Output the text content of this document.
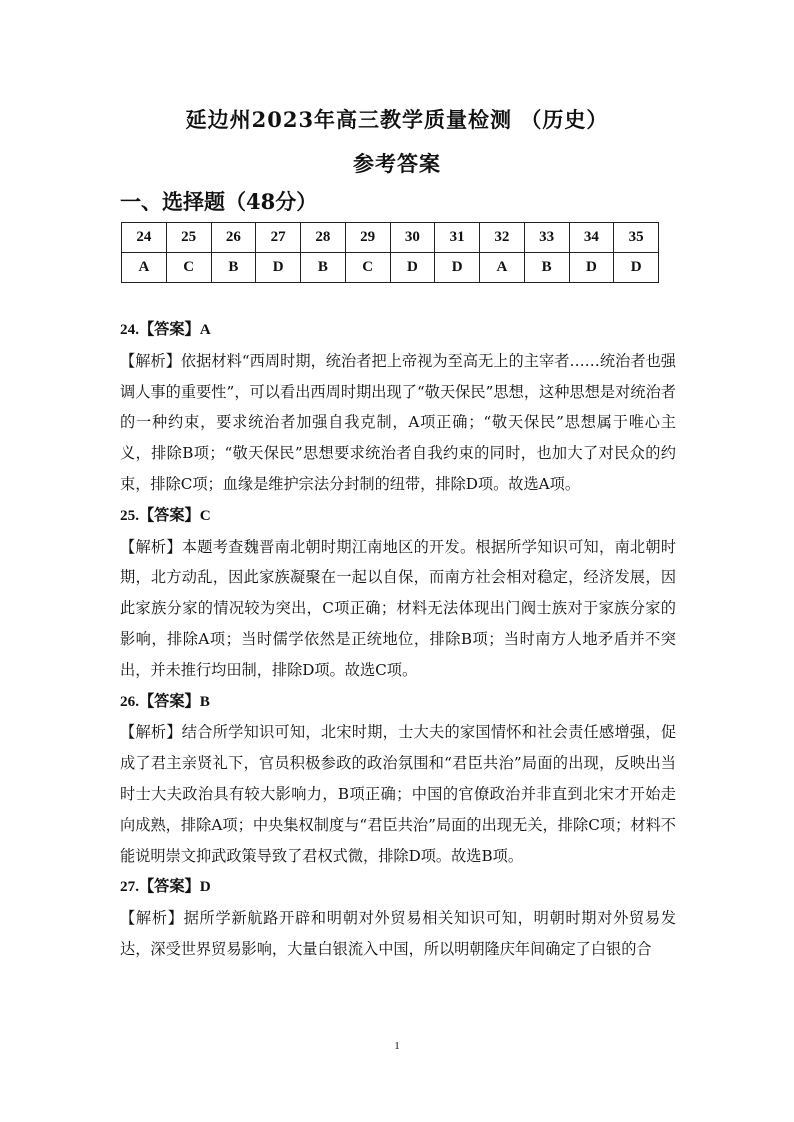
延边州2023年高三教学质量检测 （历史）
参考答案
一、选择题（48分）
24	25	26	27	28	29	30	31	32	33	34	35
A	C	B	D	B	C	D	D	A	B	D	D

24.【答案】A

【解析】依据材料“西周时期，统治者把上帝视为至高无上的主宰者……统治者也强调人事的重要性”，可以看出西周时期出现了“敬天保民”思想，这种思想是对统治者的一种约束，要求统治者加强自我克制，A项正确；“敬天保民”思想属于唯心主义，排除B项；“敬天保民”思想要求统治者自我约束的同时，也加大了对民众的约束，排除C项；血缘是维护宗法分封制的纽带，排除D项。故选A项。

25.【答案】C

【解析】本题考查魏晋南北朝时期江南地区的开发。根据所学知识可知，南北朝时期，北方动乱，因此家族凝聚在一起以自保，而南方社会相对稳定，经济发展，因此家族分家的情况较为突出，C项正确；材料无法体现出门阀士族对于家族分家的影响，排除A项；当时儒学依然是正统地位，排除B项；当时南方人地矛盾并不突出，并未推行均田制，排除D项。故选C项。

26.【答案】B

【解析】结合所学知识可知，北宋时期，士大夫的家国情怀和社会责任感增强，促成了君主亲贤礼下，官员积极参政的政治氛围和“君臣共治”局面的出现，反映出当时士大夫政治具有较大影响力，B项正确；中国的官僚政治并非直到北宋才开始走向成熟，排除A项；中央集权制度与“君臣共治”局面的出现无关，排除C项；材料不能说明崇文抑武政策导致了君权式微，排除D项。故选B项。

27.【答案】D

【解析】据所学新航路开辟和明朝对外贸易相关知识可知，明朝时期对外贸易发达，深受世界贸易影响，大量白银流入中国，所以明朝隆庆年间确定了白银的合

1
